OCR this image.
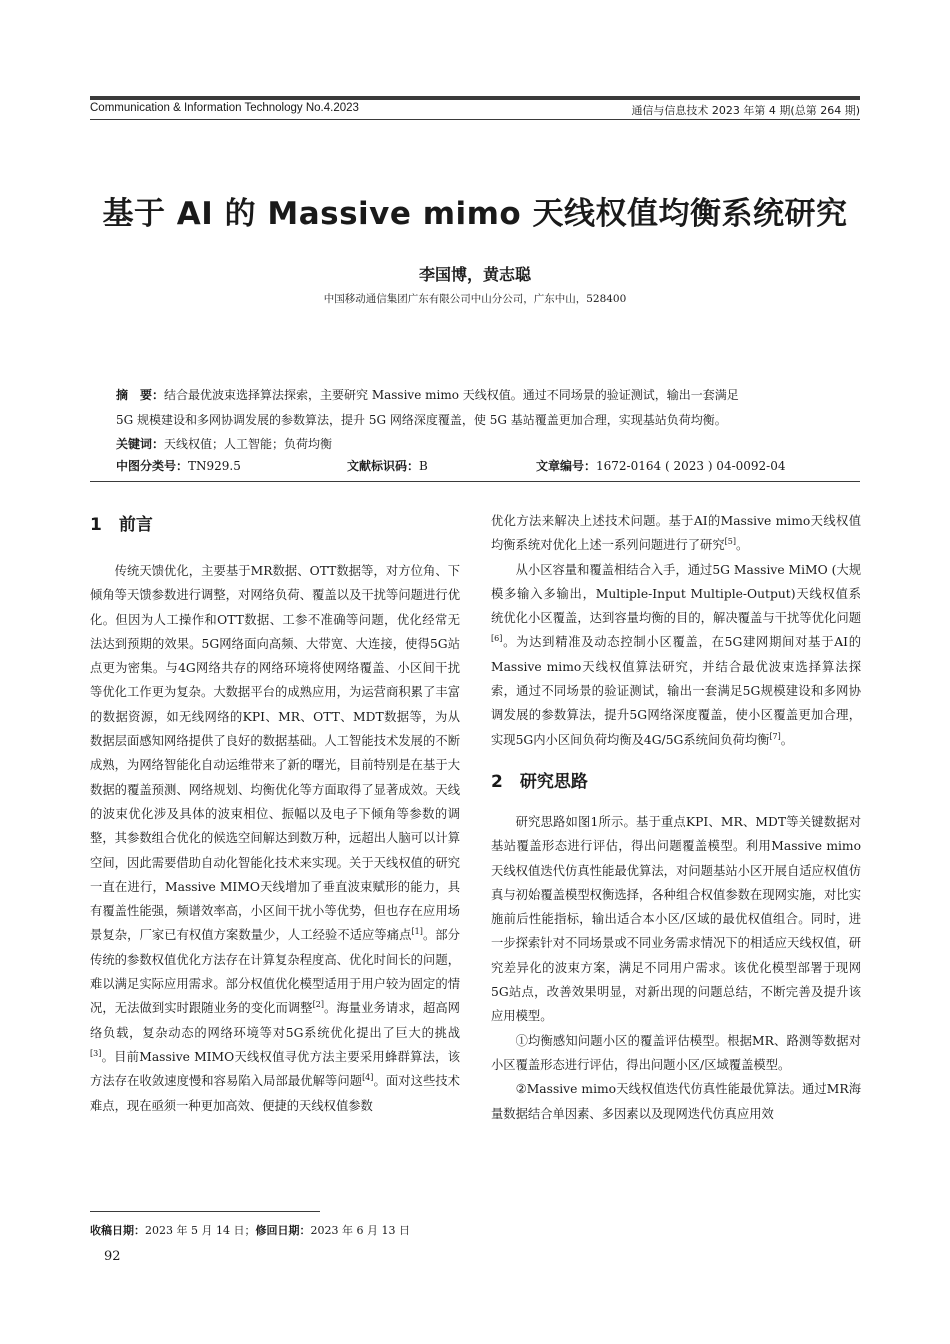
Communication & Information Technology No.4.2023	通信与信息技术 2023 年第 4 期(总第 264 期)
基于 AI 的 Massive mimo 天线权值均衡系统研究
李国博，黄志聪
中国移动通信集团广东有限公司中山分公司，广东中山，528400
摘　要：结合最优波束选择算法探索，主要研究 Massive mimo 天线权值。通过不同场景的验证测试，输出一套满足
5G 规模建设和多网协调发展的参数算法，提升 5G 网络深度覆盖，使 5G 基站覆盖更加合理，实现基站负荷均衡。
关键词：天线权值；人工智能；负荷均衡
中图分类号：TN929.5	文献标识码：B	文章编号：1672-0164 ( 2023 ) 04-0092-04
1　前言

传统天馈优化，主要基于MR数据、OTT数据等，对方位角、下倾角等天馈参数进行调整，对网络负荷、覆盖以及干扰等问题进行优化。但因为人工操作和OTT数据、工参不准确等问题，优化经常无法达到预期的效果。5G网络面向高频、大带宽、大连接，使得5G站点更为密集。与4G网络共存的网络环境将使网络覆盖、小区间干扰等优化工作更为复杂。大数据平台的成熟应用，为运营商积累了丰富的数据资源，如无线网络的KPI、MR、OTT、MDT数据等，为从数据层面感知网络提供了良好的数据基础。人工智能技术发展的不断成熟，为网络智能化自动运维带来了新的曙光，目前特别是在基于大数据的覆盖预测、网络规划、均衡优化等方面取得了显著成效。天线的波束优化涉及具体的波束相位、振幅以及电子下倾角等参数的调整，其参数组合优化的候选空间解达到数万种，远超出人脑可以计算空间，因此需要借助自动化智能化技术来实现。关于天线权值的研究一直在进行，Massive MIMO天线增加了垂直波束赋形的能力，具有覆盖性能强，频谱效率高，小区间干扰小等优势，但也存在应用场景复杂，厂家已有权值方案数量少，人工经验不适应等痛点[1]。部分传统的参数权值优化方法存在计算复杂程度高、优化时间长的问题，难以满足实际应用需求。部分权值优化模型适用于用户较为固定的情况，无法做到实时跟随业务的变化而调整[2]。海量业务请求，超高网络负载，复杂动态的网络环境等对5G系统优化提出了巨大的挑战[3]。目前Massive MIMO天线权值寻优方法主要采用蜂群算法，该方法存在收敛速度慢和容易陷入局部最优解等问题[4]。面对这些技术难点，现在亟须一种更加高效、便捷的天线权值参数

优化方法来解决上述技术问题。基于AI的Massive mimo天线权值均衡系统对优化上述一系列问题进行了研究[5]。

从小区容量和覆盖相结合入手，通过5G Massive MiMO (大规模多输入多输出，Multiple-Input Multiple-Output)天线权值系统优化小区覆盖，达到容量均衡的目的，解决覆盖与干扰等优化问题[6]。为达到精准及动态控制小区覆盖，在5G建网期间对基于AI的Massive mimo天线权值算法研究，并结合最优波束选择算法探索，通过不同场景的验证测试，输出一套满足5G规模建设和多网协调发展的参数算法，提升5G网络深度覆盖，使小区覆盖更加合理，实现5G内小区间负荷均衡及4G/5G系统间负荷均衡[7]。

2　研究思路

研究思路如图1所示。基于重点KPI、MR、MDT等关键数据对基站覆盖形态进行评估，得出问题覆盖模型。利用Massive mimo天线权值迭代仿真性能最优算法，对问题基站小区开展自适应权值仿真与初始覆盖模型权衡选择，各种组合权值参数在现网实施，对比实施前后性能指标，输出适合本小区/区域的最优权值组合。同时，进一步探索针对不同场景或不同业务需求情况下的相适应天线权值，研究差异化的波束方案，满足不同用户需求。该优化模型部署于现网5G站点，改善效果明显，对新出现的问题总结，不断完善及提升该应用模型。

①均衡感知问题小区的覆盖评估模型。根据MR、路测等数据对小区覆盖形态进行评估，得出问题小区/区域覆盖模型。

②Massive mimo天线权值迭代仿真性能最优算法。通过MR海量数据结合单因素、多因素以及现网迭代仿真应用效

收稿日期：2023 年 5 月 14 日；修回日期：2023 年 6 月 13 日
92
